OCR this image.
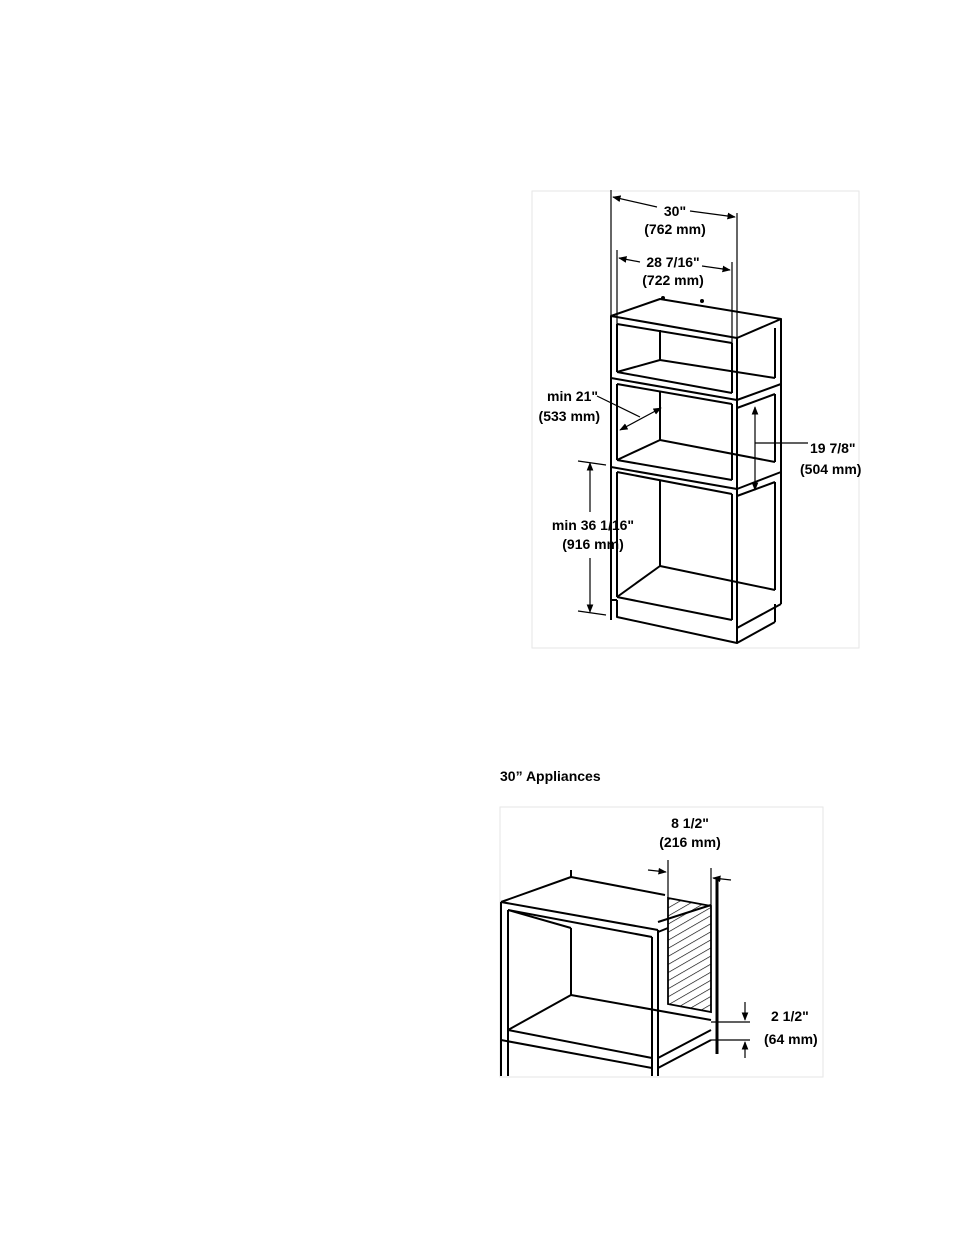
30"
(762 mm)
28 7/16"
(722 mm)
min 21"
(533 mm)
19 7/8"
(504 mm)
min 36 1/16"
(916 mm)
30” Appliances
8 1/2"
(216 mm)
2 1/2"
(64 mm)
